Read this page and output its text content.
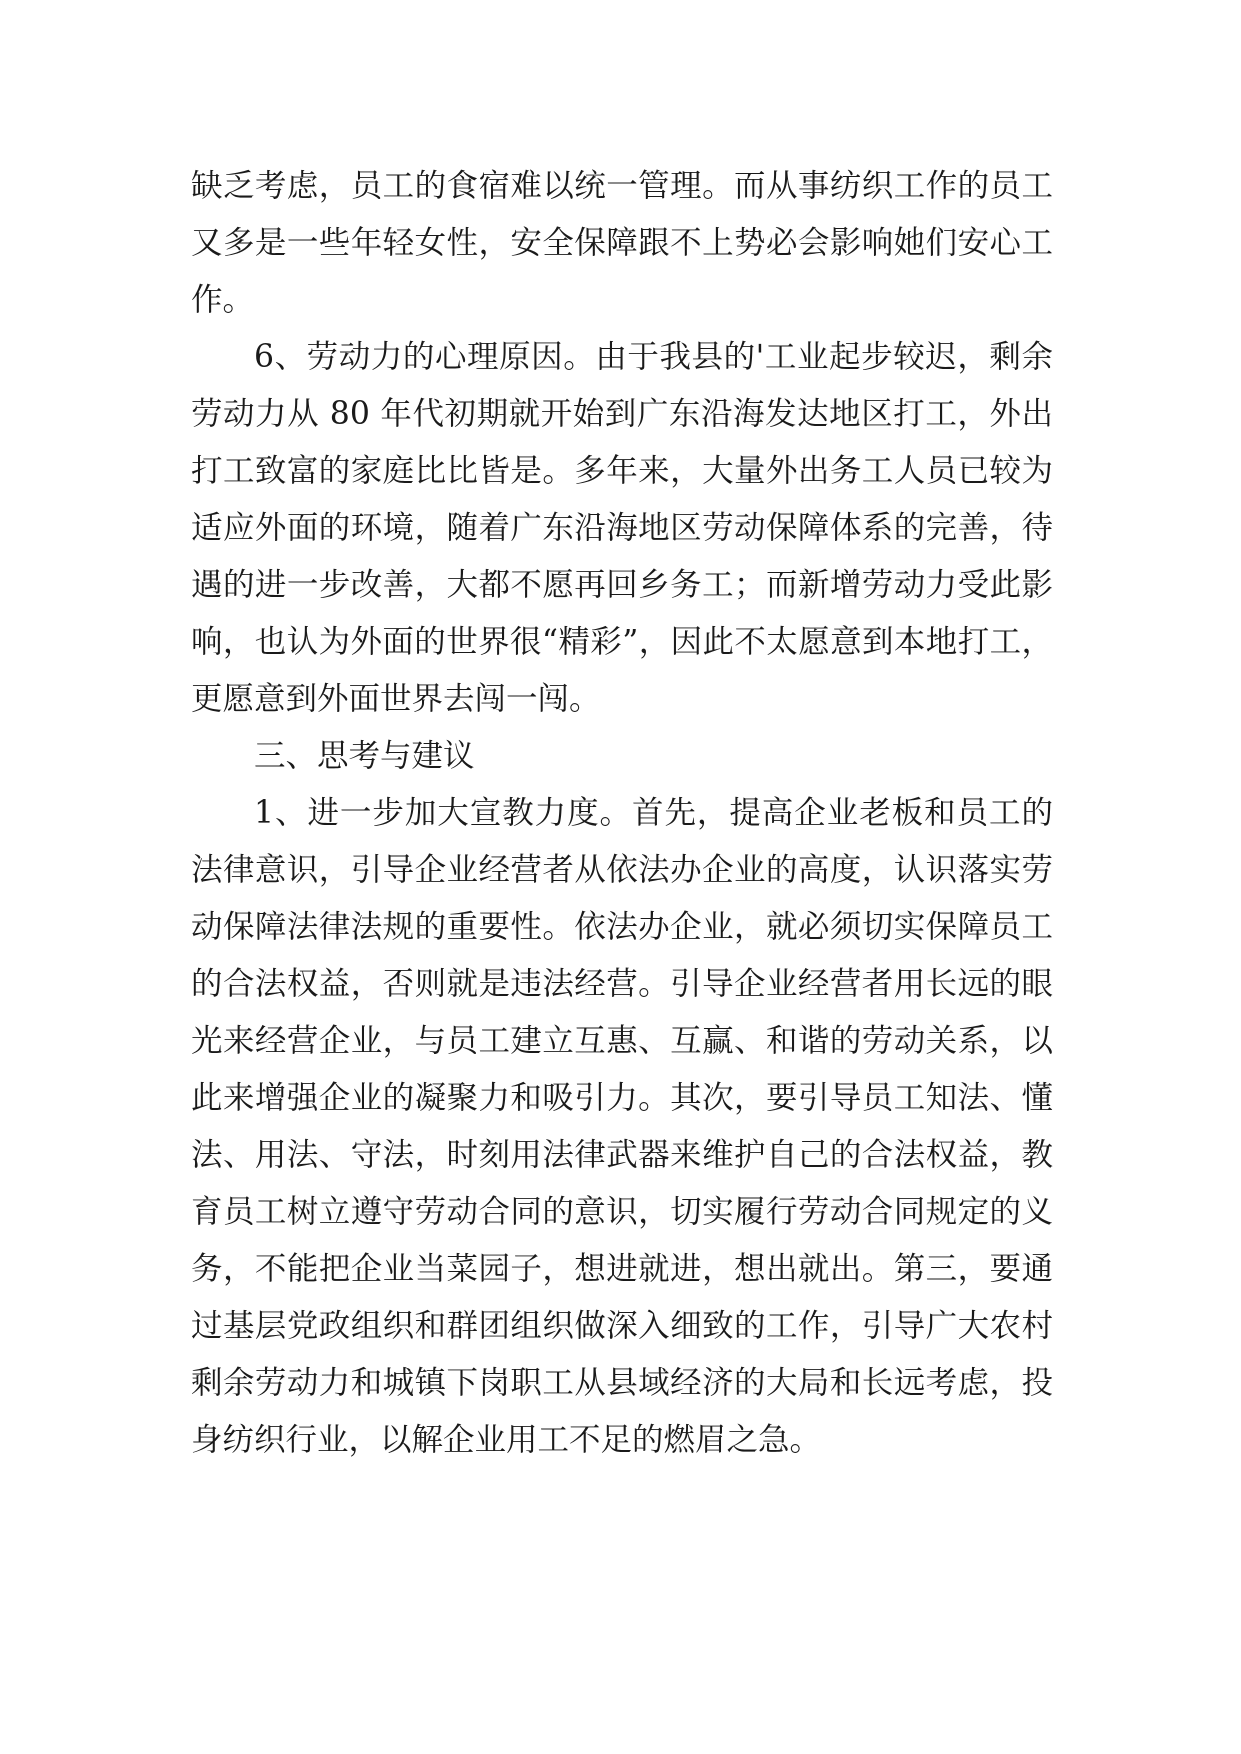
缺乏考虑，员工的食宿难以统一管理。而从事纺织工作的员工又多是一些年轻女性，安全保障跟不上势必会影响她们安心工作。

6、劳动力的心理原因。由于我县的'工业起步较迟，剩余劳动力从 80 年代初期就开始到广东沿海发达地区打工，外出打工致富的家庭比比皆是。多年来，大量外出务工人员已较为适应外面的环境，随着广东沿海地区劳动保障体系的完善，待遇的进一步改善，大都不愿再回乡务工；而新增劳动力受此影响，也认为外面的世界很“精彩”，因此不太愿意到本地打工，更愿意到外面世界去闯一闯。

三、思考与建议

1、进一步加大宣教力度。首先，提高企业老板和员工的法律意识，引导企业经营者从依法办企业的高度，认识落实劳动保障法律法规的重要性。依法办企业，就必须切实保障员工的合法权益，否则就是违法经营。引导企业经营者用长远的眼光来经营企业，与员工建立互惠、互赢、和谐的劳动关系，以此来增强企业的凝聚力和吸引力。其次，要引导员工知法、懂法、用法、守法，时刻用法律武器来维护自己的合法权益，教育员工树立遵守劳动合同的意识，切实履行劳动合同规定的义务，不能把企业当菜园子，想进就进，想出就出。第三，要通过基层党政组织和群团组织做深入细致的工作，引导广大农村剩余劳动力和城镇下岗职工从县域经济的大局和长远考虑，投身纺织行业，以解企业用工不足的燃眉之急。
